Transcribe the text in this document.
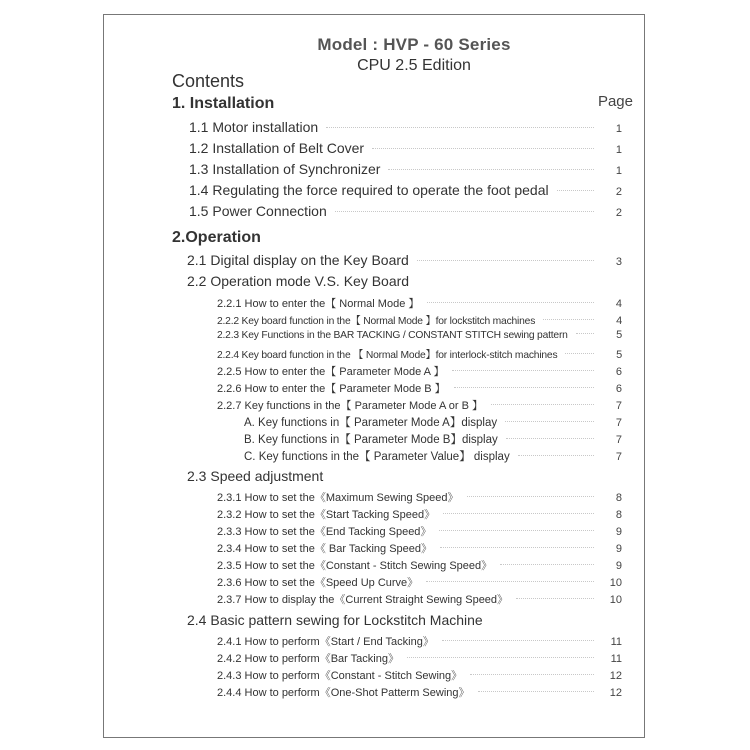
Model : HVP - 60 Series
CPU 2.5 Edition
Contents
Page
1. Installation
1.1 Motor installation	1
1.2 Installation of Belt Cover	1
1.3 Installation of Synchronizer	1
1.4 Regulating the force required to operate the foot pedal	2
1.5 Power Connection	2
2.Operation
2.1 Digital display on the Key Board	3
2.2 Operation mode V.S. Key Board
2.2.1 How to enter the【 Normal Mode 】	4
2.2.2 Key board function in the【 Normal Mode 】for lockstitch machines	4
2.2.3 Key Functions in the BAR TACKING / CONSTANT STITCH sewing pattern	5
2.2.4 Key board function in the 【 Normal Mode】for interlock-stitch machines	5
2.2.5 How to enter the【 Parameter Mode A 】	6
2.2.6 How to enter the【 Parameter Mode B 】	6
2.2.7 Key functions in the【 Parameter Mode A or B 】	7
A. Key functions in【 Parameter Mode A】display	7
B. Key functions in【 Parameter Mode B】display	7
C. Key functions in the【 Parameter Value】 display	7
2.3 Speed adjustment
2.3.1 How to set the《Maximum Sewing Speed》	8
2.3.2 How to set the《Start Tacking Speed》	8
2.3.3 How to set the《End Tacking Speed》	9
2.3.4 How to set the《 Bar Tacking Speed》	9
2.3.5 How to set the《Constant - Stitch Sewing Speed》	9
2.3.6 How to set the《Speed Up Curve》	10
2.3.7 How to display the《Current Straight Sewing Speed》	10
2.4 Basic pattern sewing for Lockstitch Machine
2.4.1 How to perform《Start / End Tacking》	11
2.4.2 How to perform《Bar Tacking》	11
2.4.3 How to perform《Constant - Stitch Sewing》	12
2.4.4 How to perform《One-Shot Patterm Sewing》	12
